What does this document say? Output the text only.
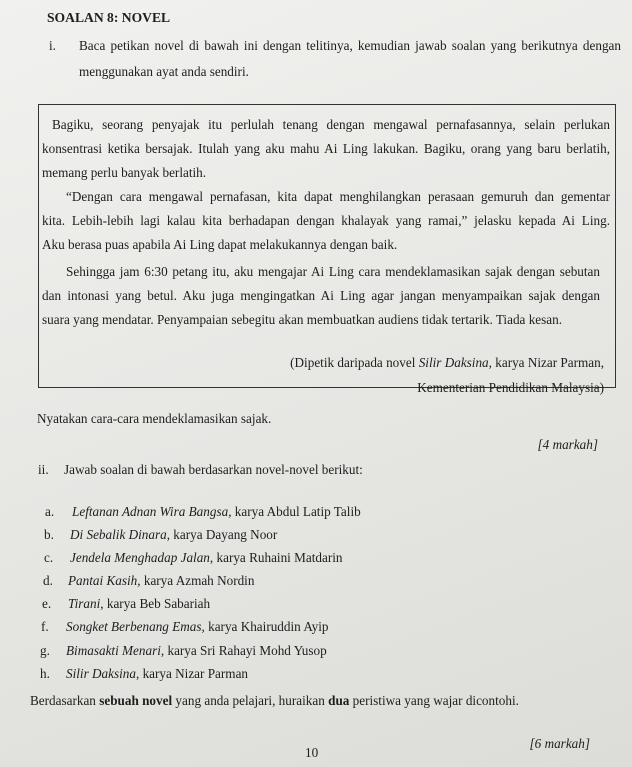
SOALAN 8: NOVEL
i. Baca petikan novel di bawah ini dengan telitinya, kemudian jawab soalan yang berikutnya dengan
menggunakan ayat anda sendiri.
Bagiku, seorang penyajak itu perlulah tenang dengan mengawal pernafasannya, selain perlukan
konsentrasi ketika bersajak. Itulah yang aku mahu Ai Ling lakukan. Bagiku, orang yang baru berlatih,
memang perlu banyak berlatih.
“Dengan cara mengawal pernafasan, kita dapat menghilangkan perasaan gemuruh dan gementar
kita. Lebih-lebih lagi kalau kita berhadapan dengan khalayak yang ramai,” jelasku kepada Ai Ling.
Aku berasa puas apabila Ai Ling dapat melakukannya dengan baik.
Sehingga jam 6:30 petang itu, aku mengajar Ai Ling cara mendeklamasikan sajak dengan sebutan
dan intonasi yang betul. Aku juga mengingatkan Ai Ling agar jangan menyampaikan sajak dengan
suara yang mendatar. Penyampaian sebegitu akan membuatkan audiens tidak tertarik. Tiada kesan.
(Dipetik daripada novel Silir Daksina, karya Nizar Parman,
Kementerian Pendidikan Malaysia)
Nyatakan cara-cara mendeklamasikan sajak.
[4 markah]
ii. Jawab soalan di bawah berdasarkan novel-novel berikut:
a. Leftanan Adnan Wira Bangsa, karya Abdul Latip Talib
b. Di Sebalik Dinara, karya Dayang Noor
c. Jendela Menghadap Jalan, karya Ruhaini Matdarin
d. Pantai Kasih, karya Azmah Nordin
e. Tirani, karya Beb Sabariah
f. Songket Berbenang Emas, karya Khairuddin Ayip
g. Bimasakti Menari, karya Sri Rahayi Mohd Yusop
h. Silir Daksina, karya Nizar Parman
Berdasarkan sebuah novel yang anda pelajari, huraikan dua peristiwa yang wajar dicontohi.
[6 markah]
10
